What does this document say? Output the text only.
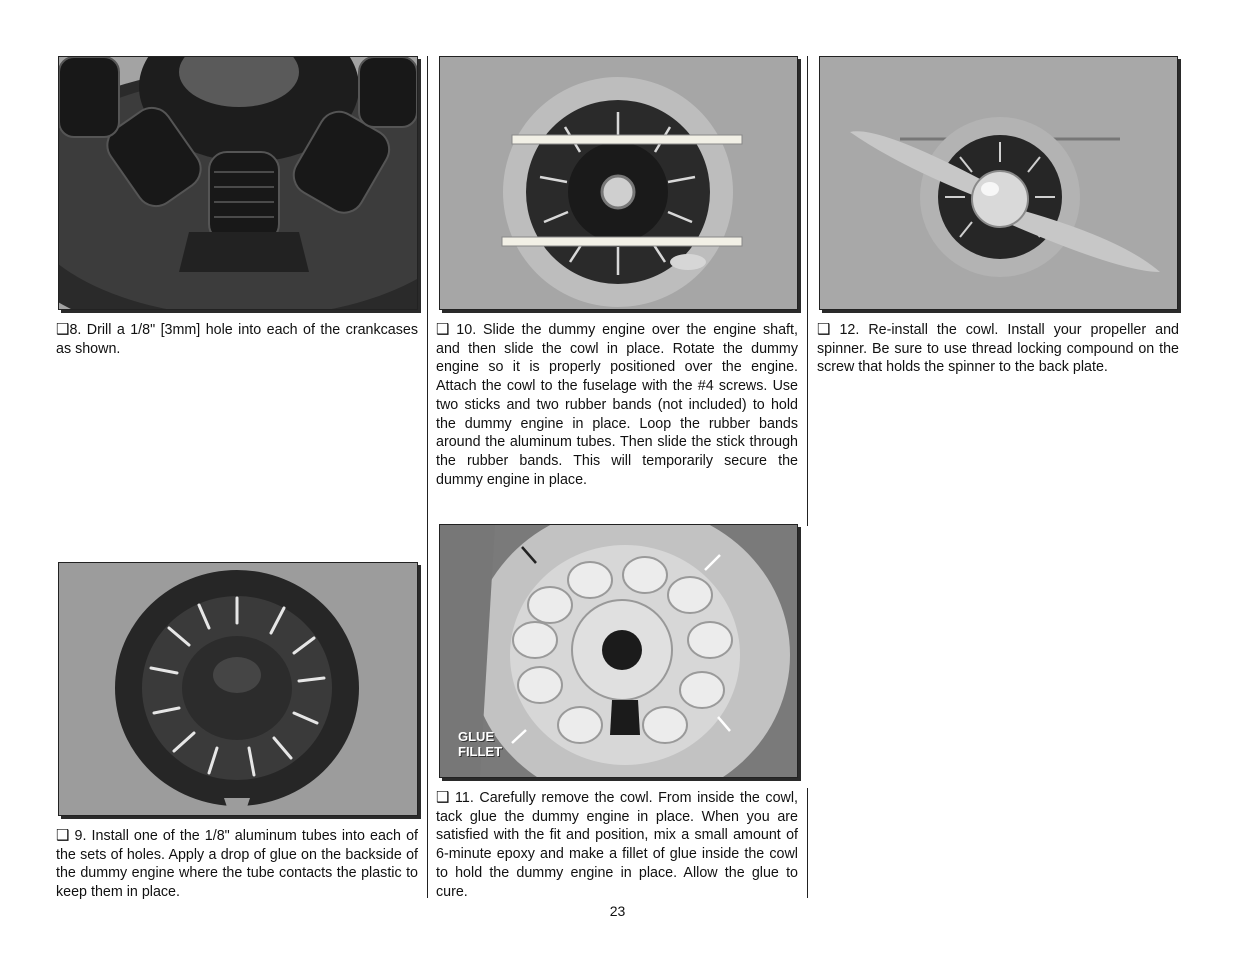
❑8. Drill a 1/8" [3mm] hole into each of the crankcases as shown.
❑ 9. Install one of the 1/8" aluminum tubes into each of the sets of holes. Apply a drop of glue on the backside of the dummy engine where the tube contacts the plastic to keep them in place.
❑ 10. Slide the dummy engine over the engine shaft, and then slide the cowl in place. Rotate the dummy engine so it is properly positioned over the engine. Attach the cowl to the fuselage with the #4 screws. Use two sticks and two rubber bands (not included) to hold the dummy engine in place. Loop the rubber bands around the aluminum tubes. Then slide the stick through the rubber bands. This will temporarily secure the dummy engine in place.
GLUE
FILLET
❑ 11. Carefully remove the cowl. From inside the cowl, tack glue the dummy engine in place. When you are satisfied with the fit and position, mix a small amount of 6-minute epoxy and make a fillet of glue inside the cowl to hold the dummy engine in place. Allow the glue to cure.
❑ 12. Re-install the cowl. Install your propeller and spinner. Be sure to use thread locking compound on the screw that holds the spinner to the back plate.
23
